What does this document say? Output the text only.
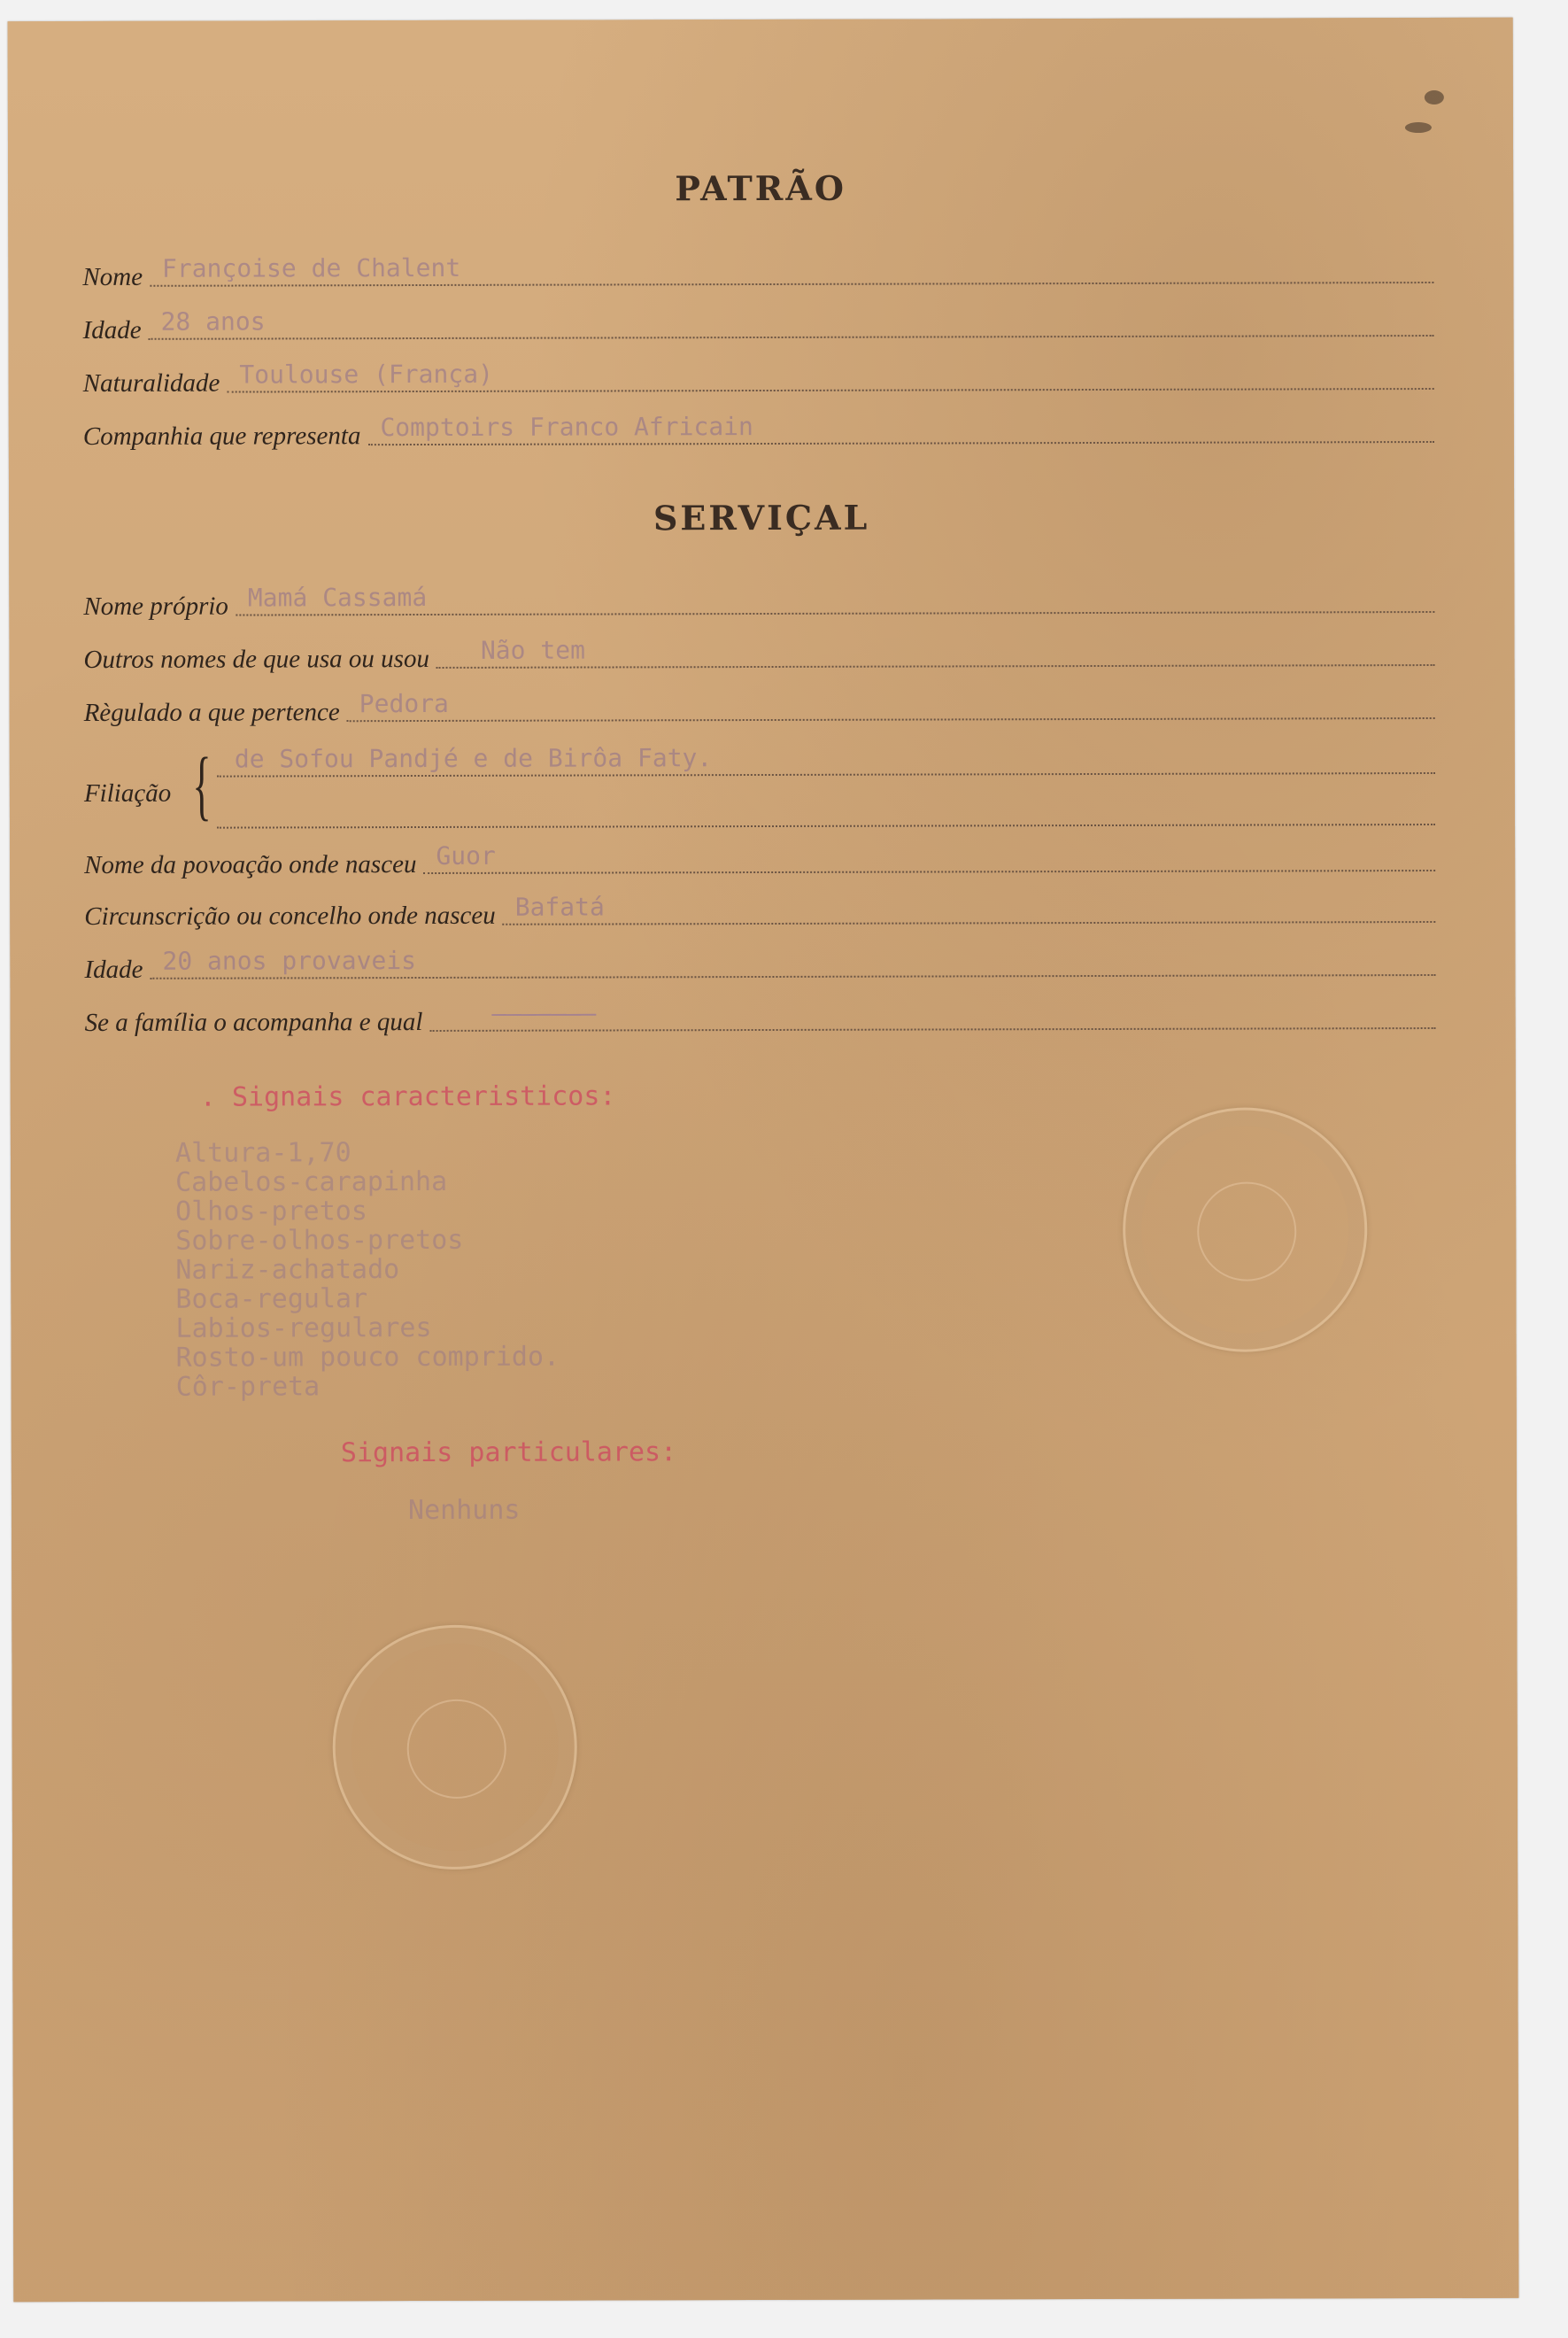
PATRÃO
Nome Françoise de Chalent
Idade 28 anos
Naturalidade Toulouse (França)
Companhia que representa Comptoirs Franco Africain
SERVIÇAL
Nome próprio Mamá Cassamá
Outros nomes de que usa ou usou Não tem
Règulado a que pertence Pedora
Filiação { de Sofou Pandjé e de Birôa Faty.
Nome da povoação onde nasceu Guor
Circunscrição ou concelho onde nasceu Bafatá
Idade 20 anos provaveis
Se a família o acompanha e qual	———————
. Signais caracteristicos:
Altura-1,70
Cabelos-carapinha
Olhos-pretos
Sobre-olhos-pretos
Nariz-achatado
Boca-regular
Labios-regulares
Rosto-um pouco comprido.
Côr-preta
Signais particulares:
Nenhuns
